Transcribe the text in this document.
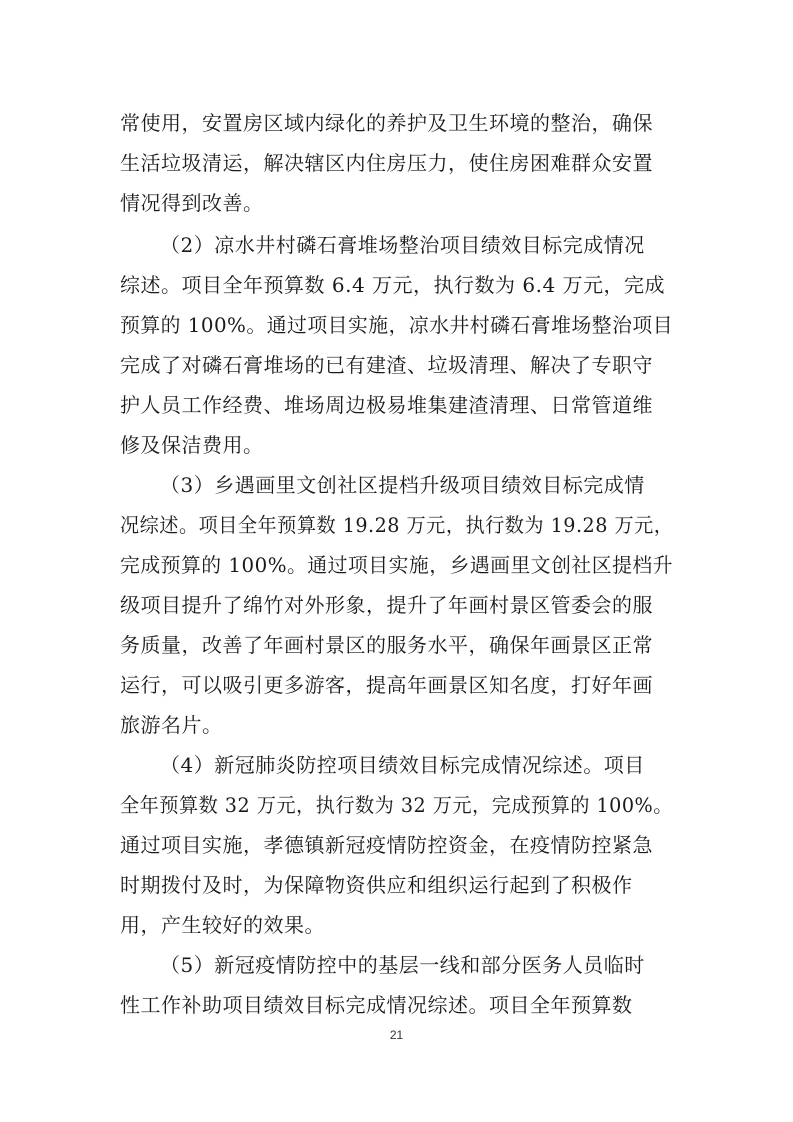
常使用，安置房区域内绿化的养护及卫生环境的整治，确保
生活垃圾清运，解决辖区内住房压力，使住房困难群众安置
情况得到改善。
（2）凉水井村磷石膏堆场整治项目绩效目标完成情况
综述。项目全年预算数 6.4 万元，执行数为 6.4 万元，完成
预算的 100%。通过项目实施，凉水井村磷石膏堆场整治项目
完成了对磷石膏堆场的已有建渣、垃圾清理、解决了专职守
护人员工作经费、堆场周边极易堆集建渣清理、日常管道维
修及保洁费用。
（3）乡遇画里文创社区提档升级项目绩效目标完成情
况综述。项目全年预算数 19.28 万元，执行数为 19.28 万元，
完成预算的 100%。通过项目实施，乡遇画里文创社区提档升
级项目提升了绵竹对外形象，提升了年画村景区管委会的服
务质量，改善了年画村景区的服务水平，确保年画景区正常
运行，可以吸引更多游客，提高年画景区知名度，打好年画
旅游名片。
（4）新冠肺炎防控项目绩效目标完成情况综述。项目
全年预算数 32 万元，执行数为 32 万元，完成预算的 100%。
通过项目实施，孝德镇新冠疫情防控资金，在疫情防控紧急
时期拨付及时，为保障物资供应和组织运行起到了积极作
用，产生较好的效果。
（5）新冠疫情防控中的基层一线和部分医务人员临时
性工作补助项目绩效目标完成情况综述。项目全年预算数
21
